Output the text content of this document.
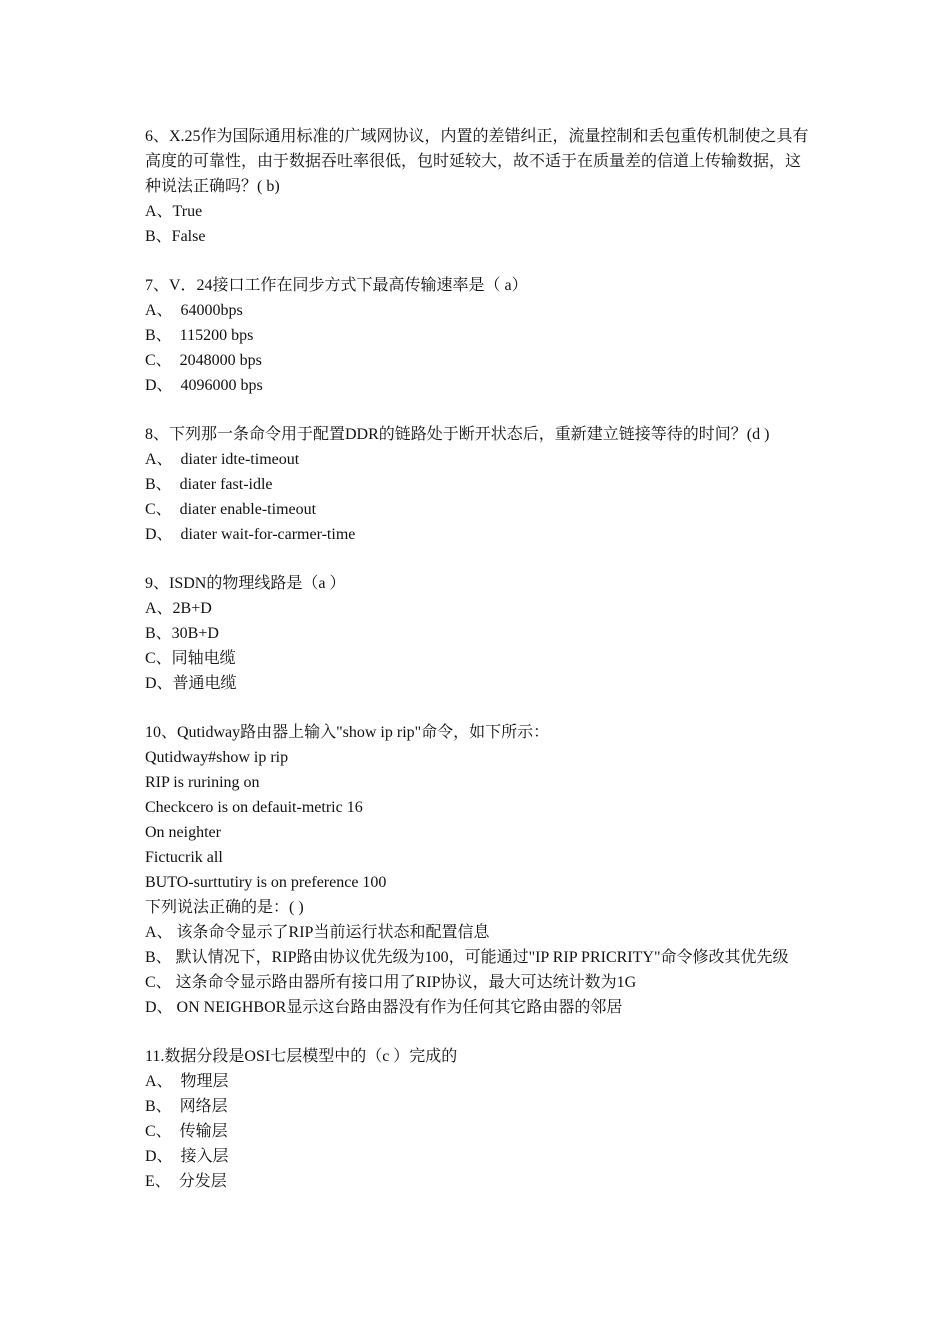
6、X.25作为国际通用标准的广域网协议，内置的差错纠正，流量控制和丢包重传机制使之具有高度的可靠性，由于数据吞吐率很低，包时延较大，故不适于在质量差的信道上传输数据，这种说法正确吗？( b)
A、True
B、False
7、V．24接口工作在同步方式下最高传输速率是（ a）
A、  64000bps
B、  115200 bps
C、  2048000 bps
D、  4096000 bps
8、下列那一条命令用于配置DDR的链路处于断开状态后，重新建立链接等待的时间？(d )
A、  diater idte-timeout
B、  diater fast-idle
C、  diater enable-timeout
D、  diater wait-for-carmer-time
9、ISDN的物理线路是（a ）
A、2B+D
B、30B+D
C、同轴电缆
D、普通电缆
10、Qutidway路由器上输入"show ip rip"命令，如下所示：
Qutidway#show ip rip
RIP is rurining on
Checkcero is on defauit-metric 16
On neighter
Fictucrik all
BUTO-surttutiry is on preference 100
下列说法正确的是：( )
A、 该条命令显示了RIP当前运行状态和配置信息
B、 默认情况下，RIP路由协议优先级为100，可能通过"IP RIP PRICRITY"命令修改其优先级
C、 这条命令显示路由器所有接口用了RIP协议，最大可达统计数为1G
D、 ON NEIGHBOR显示这台路由器没有作为任何其它路由器的邻居
11.数据分段是OSI七层模型中的（c ）完成的
A、  物理层
B、  网络层
C、  传输层
D、  接入层
E、  分发层
